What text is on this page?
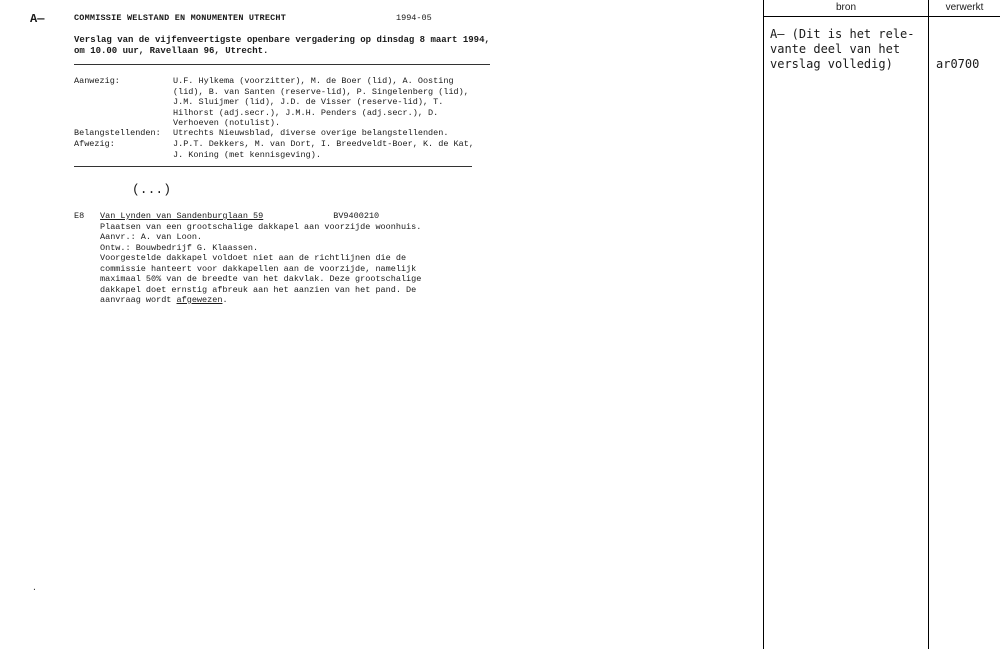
A—	COMMISSIE WELSTAND EN MONUMENTEN UTRECHT	1994-05
Verslag van de vijfenveertigste openbare vergadering op dinsdag 8 maart 1994,
om 10.00 uur, Ravellaan 96, Utrecht.
Aanwezig:	U.F. Hylkema (voorzitter), M. de Boer (lid), A. Oosting
(lid), B. van Santen (reserve-lid), P. Singelenberg (lid),
J.M. Sluijmer (lid), J.D. de Visser (reserve-lid), T.
Hilhorst (adj.secr.), J.M.H. Penders (adj.secr.), D.
Verhoeven (notulist).
Belangstellenden: Utrechts Nieuwsblad, diverse overige belangstellenden.
Afwezig:	J.P.T. Dekkers, M. van Dort, I. Breedveldt-Boer, K. de Kat,
J. Koning (met kennisgeving).
(...)
E8 Van Lynden van Sandenburglaan 59	BV9400210
Plaatsen van een grootschalige dakkapel aan voorzijde woonhuis.
Aanvr.: A. van Loon.
Ontw.: Bouwbedrijf G. Klaassen.
Voorgestelde dakkapel voldoet niet aan de richtlijnen die de
commissie hanteert voor dakkapellen aan de voorzijde, namelijk
maximaal 50% van de breedte van het dakvlak. Deze grootschalige
dakkapel doet ernstig afbreuk aan het aanzien van het pand. De
aanvraag wordt afgewezen.
.
bron	verwerkt
A— (Dit is het rele-
vante deel van het
verslag volledig)	ar0700
